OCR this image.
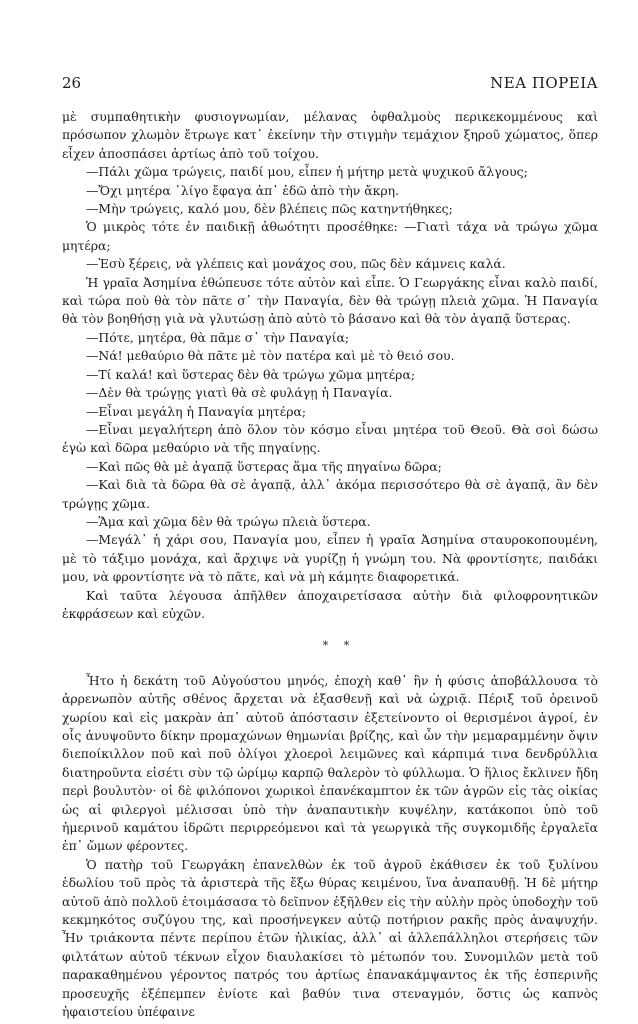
26	ΝΕΑ ΠΟΡΕΙΑ

μὲ συμπαθητικὴν φυσιογνωμίαν, μέλανας ὀφθαλμοὺς περικεκομμένους καὶ πρόσωπον χλωμὸν ἔτρωγε κατ᾽ ἐκείνην τὴν στιγμὴν τεμάχιον ξηροῦ χώματος, ὅπερ εἶχεν ἀποσπάσει ἀρτίως ἀπὸ τοῦ τοίχου.

—Πάλι χῶμα τρώγεις, παιδί μου, εἶπεν ἡ μήτηρ μετὰ ψυχικοῦ ἄλγους;

—Ὄχι μητέρα ᾽λίγο ἔφαγα ἀπ᾽ ἐδῶ ἀπὸ τὴν ἄκρη.

—Μὴν τρώγεις, καλό μου, δὲν βλέπεις πῶς κατηντήθηκες;

Ὁ μικρὸς τότε ἐν παιδικῇ ἀθωότητι προσέθηκε: —Γιατὶ τάχα νὰ τρώγω χῶμα μητέρα;

—Ἐσὺ ξέρεις, νὰ γλέπεις καὶ μονάχος σου, πῶς δὲν κάμνεις καλά.

Ἡ γραῖα Ἀσημίνα ἐθώπευσε τότε αὐτὸν καὶ εἶπε. Ὁ Γεωργάκης εἶναι καλὸ παιδί, καὶ τώρα ποὺ θὰ τὸν πᾶτε σ᾽ τὴν Παναγία, δὲν θὰ τρώγῃ πλειὰ χῶμα. Ἡ Παναγία θὰ τὸν βοηθήσῃ γιὰ νὰ γλυτώσῃ ἀπὸ αὐτὸ τὸ βάσανο καὶ θὰ τὸν ἀγαπᾷ ὕστερας.

—Πότε, μητέρα, θὰ πᾶμε σ᾽ τὴν Παναγία;

—Νά! μεθαύριο θὰ πᾶτε μὲ τὸν πατέρα καὶ μὲ τὸ θειό σου.

—Τί καλά! καὶ ὕστερας δὲν θὰ τρώγω χῶμα μητέρα;

—Δὲν θὰ τρώγῃς γιατὶ θὰ σὲ φυλάγῃ ἡ Παναγία.

—Εἶναι μεγάλη ἡ Παναγία μητέρα;

—Εἶναι μεγαλήτερη ἀπὸ ὅλον τὸν κόσμο εἶναι μητέρα τοῦ Θεοῦ. Θὰ σοὶ δώσω ἐγὼ καὶ δῶρα μεθαύριο νὰ τῆς πηγαίνῃς.

—Καὶ πῶς θὰ μὲ ἀγαπᾷ ὕστερας ἅμα τῆς πηγαίνω δῶρα;

—Καὶ διὰ τὰ δῶρα θὰ σὲ ἀγαπᾷ, ἀλλ᾽ ἀκόμα περισσότερο θὰ σὲ ἀγαπᾷ, ἂν δὲν τρώγῃς χῶμα.

—Ἅμα καὶ χῶμα δὲν θὰ τρώγω πλειὰ ὕστερα.

—Μεγάλ᾽ ἡ χάρι σου, Παναγία μου, εἶπεν ἡ γραῖα Ἀσημίνα σταυροκοπουμένη, μὲ τὸ τάξιμο μονάχα, καὶ ἄρχιψε νὰ γυρίζῃ ἡ γνώμη του. Νὰ φροντίσητε, παιδάκι μου, νὰ φροντίσητε νὰ τὸ πᾶτε, καὶ νὰ μὴ κάμητε διαφορετικά.

Καὶ ταῦτα λέγουσα ἀπῆλθεν ἀποχαιρετίσασα αὐτὴν διὰ φιλοφρονητικῶν ἐκφράσεων καὶ εὐχῶν.

* *

Ἦτο ἡ δεκάτη τοῦ Αὐγούστου μηνός, ἐποχὴ καθ᾽ ἣν ἡ φύσις ἀποβάλλουσα τὸ ἀρρενωπὸν αὐτῆς σθένος ἄρχεται νὰ ἐξασθενῇ καὶ νὰ ὠχριᾷ. Πέριξ τοῦ ὀρεινοῦ χωρίου καὶ εἰς μακρὰν ἀπ᾽ αὐτοῦ ἀπόστασιν ἐξετείνοντο οἱ θερισμένοι ἀγροί, ἐν οἷς ἀνυψοῦντο δίκην προμαχώνων θημωνίαι βρίζης, καὶ ὧν τὴν μεμαραμμένην ὄψιν διεποίκιλλον ποῦ καὶ ποῦ ὀλίγοι χλοεροὶ λειμῶνες καὶ κάρπιμά τινα δενδρύλλια διατηροῦντα εἰσέτι σὺν τῷ ὡρίμῳ καρπῷ θαλερὸν τὸ φύλλωμα. Ὁ ἥλιος ἔκλινεν ἤδη περὶ βουλυτὸν· οἱ δὲ φιλόπονοι χωρικοὶ ἐπανέκαμπτον ἐκ τῶν ἀγρῶν εἰς τὰς οἰκίας ὡς αἱ φιλεργοὶ μέλισσαι ὑπὸ τὴν ἀναπαυτικὴν κυψέλην, κατάκοποι ὑπὸ τοῦ ἡμερινοῦ καμάτου ἱδρῶτι περιρρεόμενοι καὶ τὰ γεωργικὰ τῆς συγκομιδῆς ἐργαλεῖα ἐπ᾽ ὤμων φέροντες.

Ὁ πατὴρ τοῦ Γεωργάκη ἐπανελθὼν ἐκ τοῦ ἀγροῦ ἐκάθισεν ἐκ τοῦ ξυλίνου ἑδωλίου τοῦ πρὸς τὰ ἀριστερὰ τῆς ἔξω θύρας κειμένου, ἵνα ἀναπαυθῇ. Ἡ δὲ μήτηρ αὐτοῦ ἀπὸ πολλοῦ ἑτοιμάσασα τὸ δεῖπνον ἐξῆλθεν εἰς τὴν αὐλὴν πρὸς ὑποδοχὴν τοῦ κεκμηκότος συζύγου της, καὶ προσήνεγκεν αὐτῷ ποτήριον ρακῆς πρὸς ἀναψυχήν. Ἦν τριάκοντα πέντε περίπου ἐτῶν ἡλικίας, ἀλλ᾽ αἱ ἀλλεπάλληλοι στερήσεις τῶν φιλτάτων αὐτοῦ τέκνων εἶχον διαυλακίσει τὸ μέτωπόν του. Συνομιλῶν μετὰ τοῦ παρακαθημένου γέροντος πατρός του ἀρτίως ἐπανακάμψαντος ἐκ τῆς ἑσπερινῆς προσευχῆς ἐξέπεμπεν ἐνίοτε καὶ βαθύν τινα στεναγμόν, ὅστις ὡς καπνὸς ἡφαιστείου ὑπέφαινε
